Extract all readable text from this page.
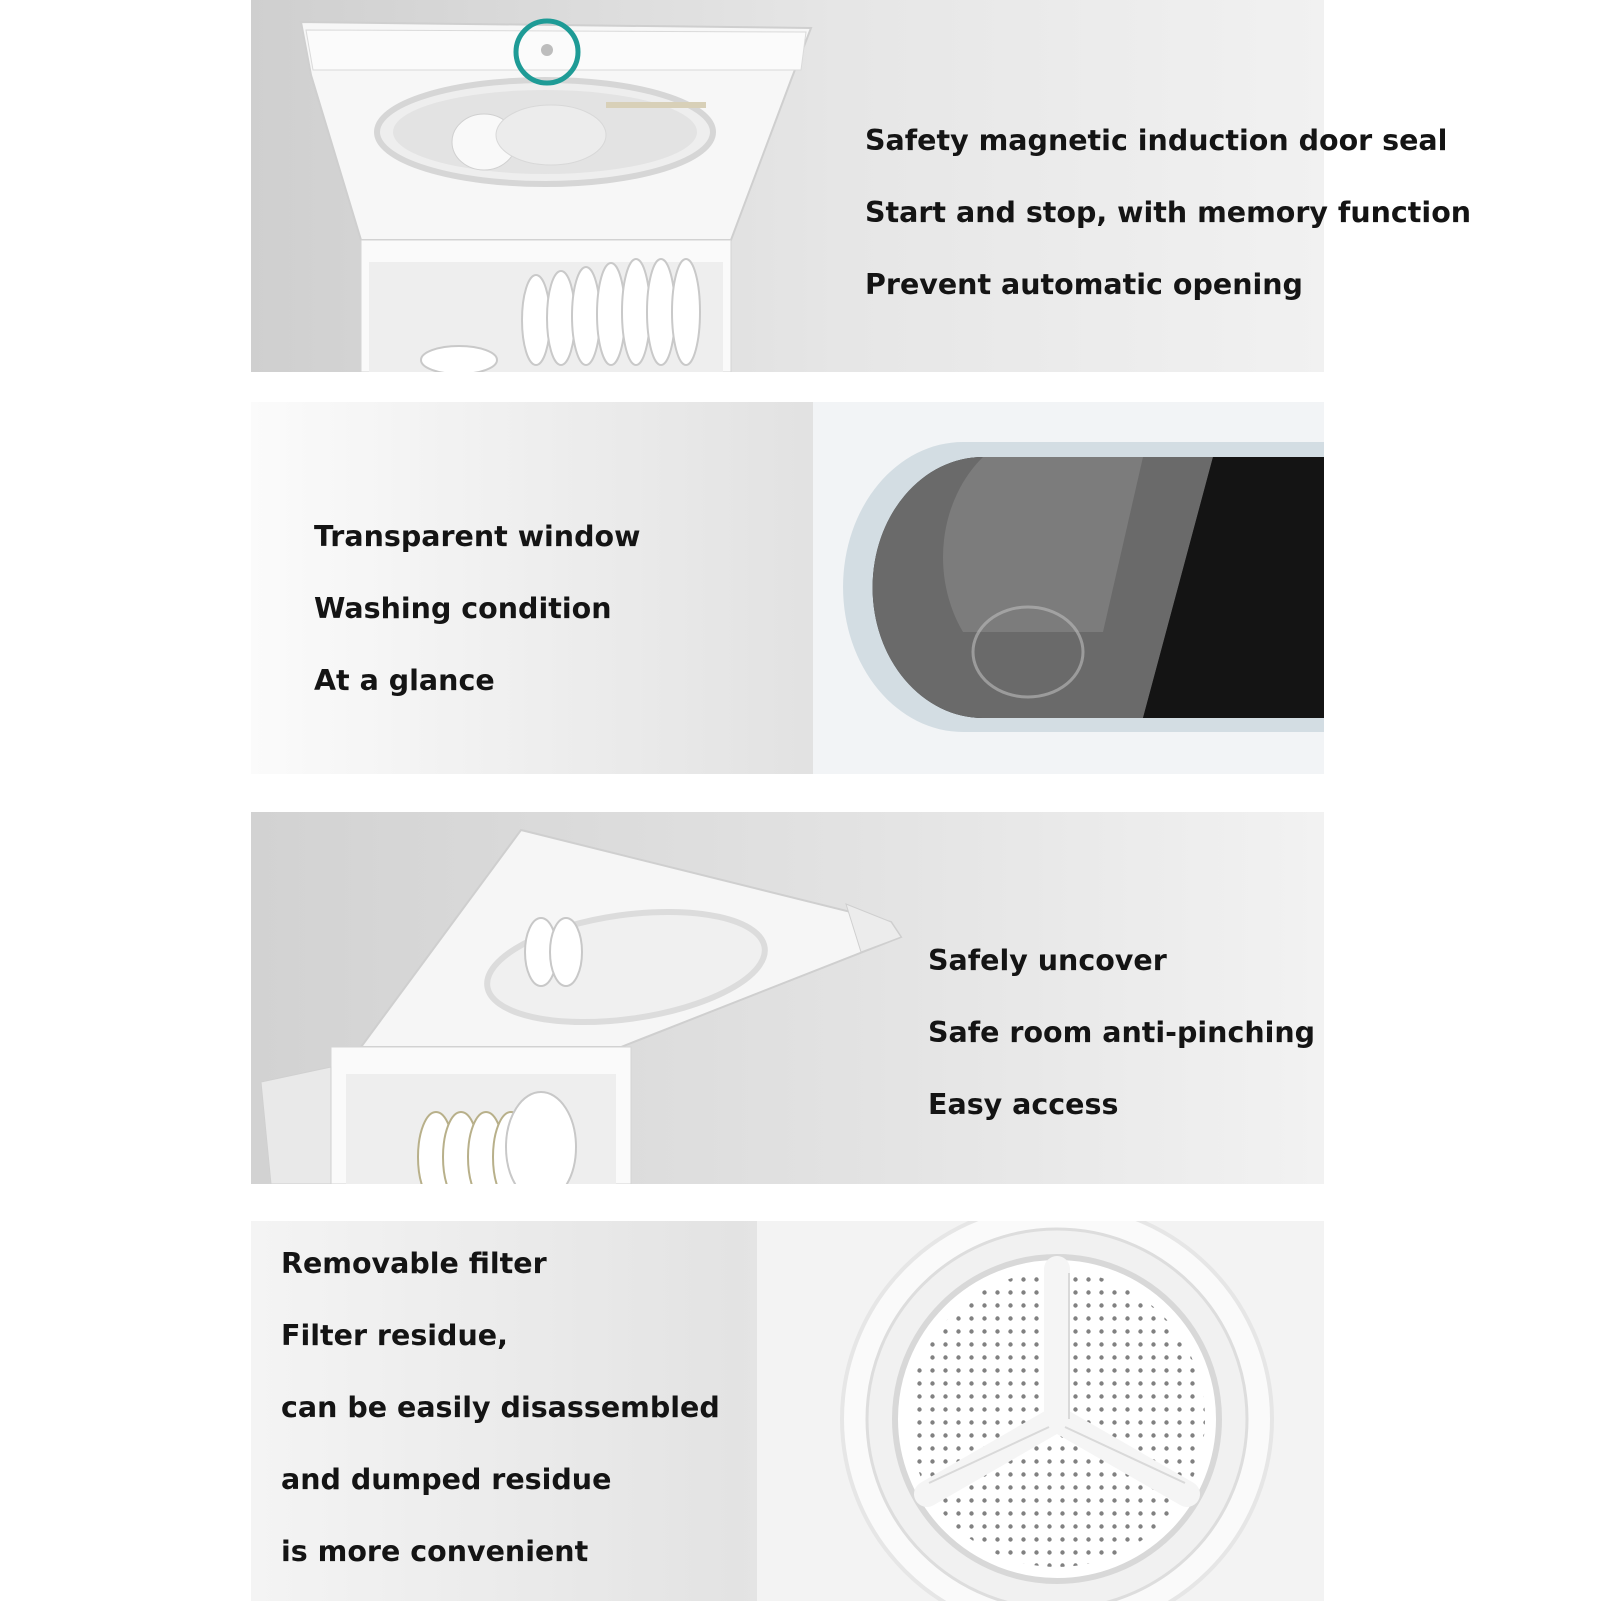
Safety magnetic induction door seal
Start and stop, with memory function
Prevent automatic opening
Transparent window
Washing condition
At a glance
Safely uncover
Safe room anti-pinching
Easy access
Removable filter
Filter residue,
can be easily disassembled
and dumped residue
is more convenient
